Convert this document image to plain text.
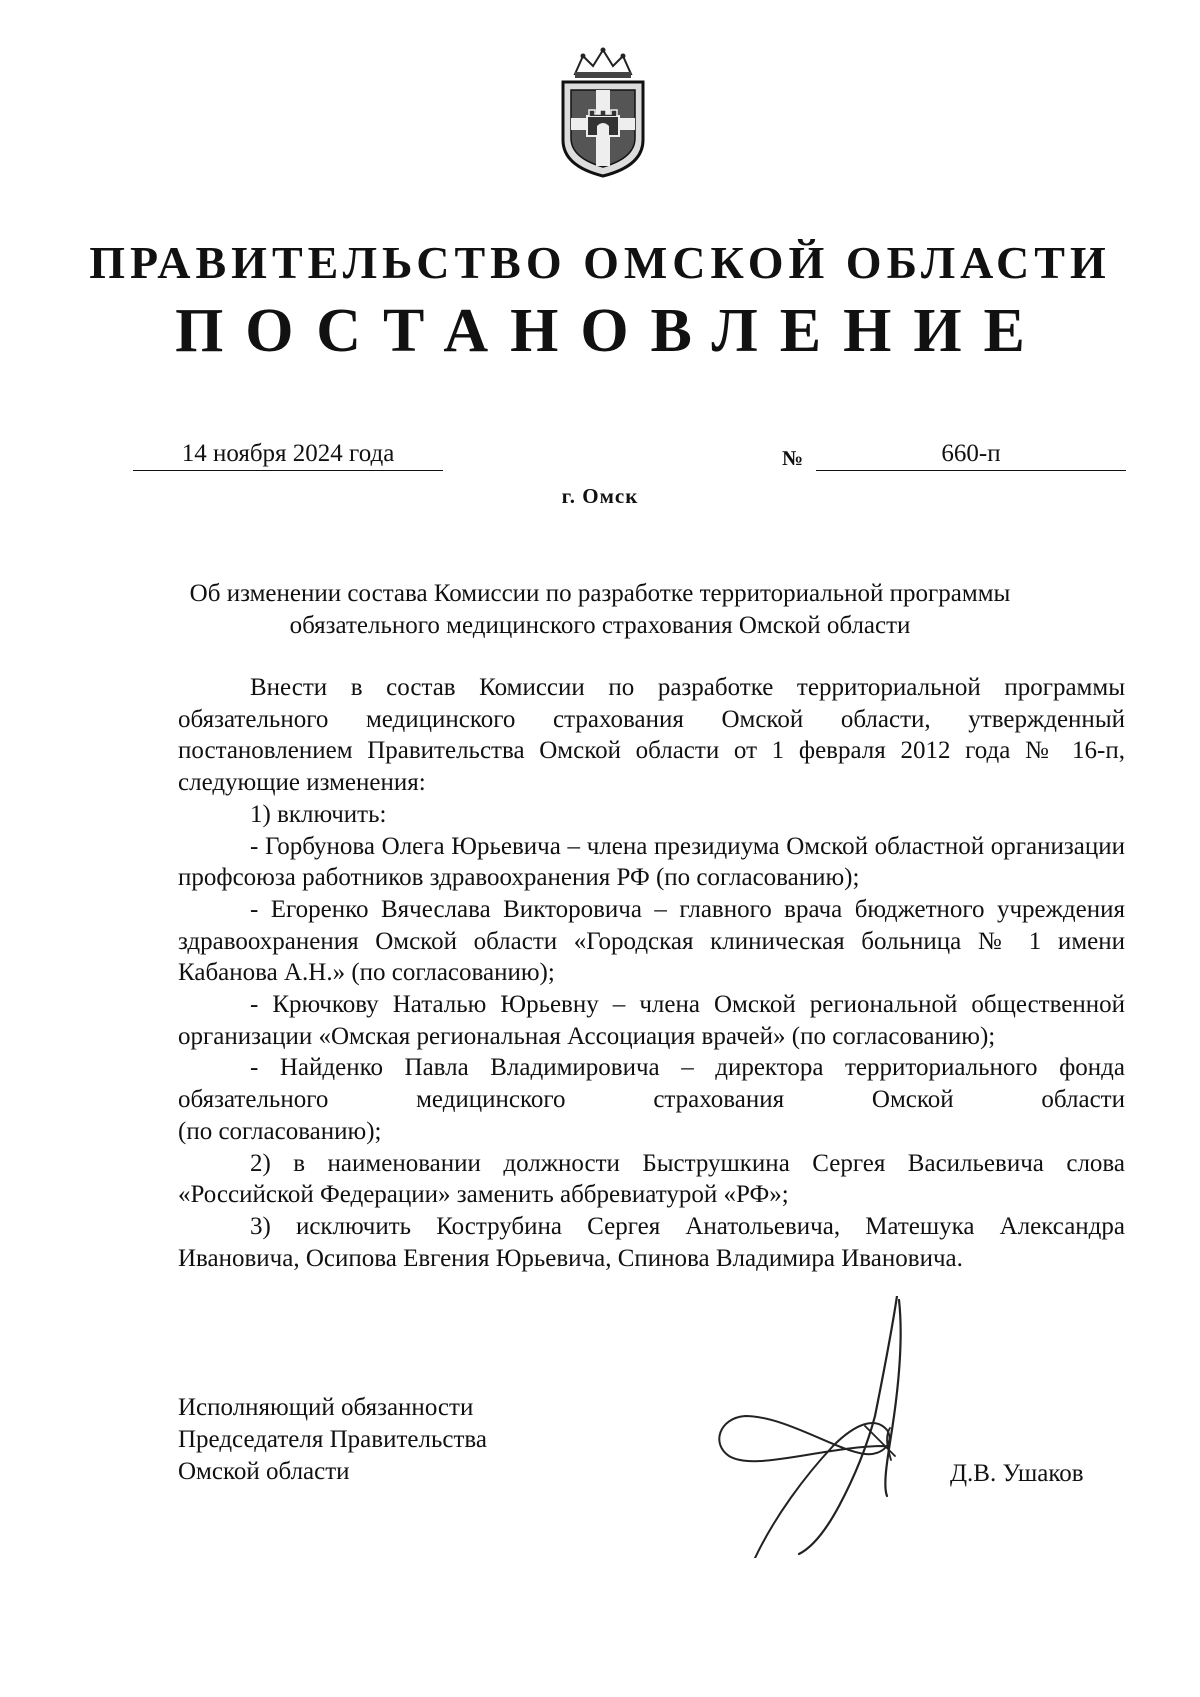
ПРАВИТЕЛЬСТВО ОМСКОЙ ОБЛАСТИ
ПОСТАНОВЛЕНИЕ
14 ноября 2024 года	№	660-п
г. Омск
Об изменении состава Комиссии по разработке территориальной программы обязательного медицинского страхования Омской области

Внести в состав Комиссии по разработке территориальной программы обязательного медицинского страхования Омской области, утвержденный постановлением Правительства Омской области от 1 февраля 2012 года № 16-п, следующие изменения:

1) включить:

- Горбунова Олега Юрьевича – члена президиума Омской областной организации профсоюза работников здравоохранения РФ (по согласованию);

- Егоренко Вячеслава Викторовича – главного врача бюджетного учреждения здравоохранения Омской области «Городская клиническая больница № 1 имени Кабанова А.Н.» (по согласованию);

- Крючкову Наталью Юрьевну – члена Омской региональной общественной организации «Омская региональная Ассоциация врачей» (по согласованию);

- Найденко Павла Владимировича – директора территориального фонда обязательного медицинского страхования Омской области

(по согласованию);

2) в наименовании должности Быструшкина Сергея Васильевича слова «Российской Федерации» заменить аббревиатурой «РФ»;

3) исключить Кострубина Сергея Анатольевича, Матешука Александра Ивановича, Осипова Евгения Юрьевича, Спинова Владимира Ивановича.

Исполняющий обязанности
Председателя Правительства
Омской области	Д.В. Ушаков
